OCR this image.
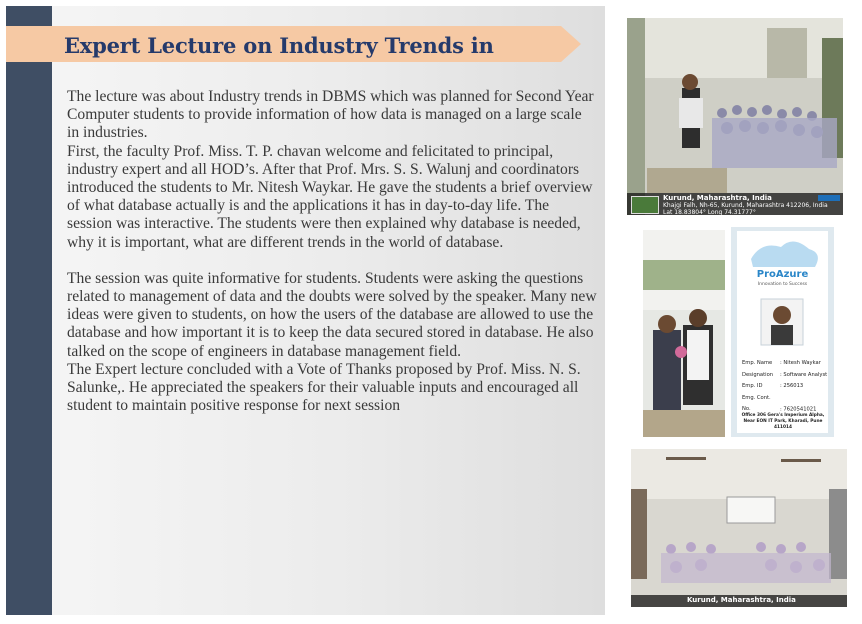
Expert Lecture on Industry Trends in

The lecture was about Industry trends in DBMS which was planned for Second Year Computer students to provide information of how data is managed on a large scale in industries.

First, the faculty Prof. Miss. T. P. chavan welcome and felicitated to principal, industry expert and all HOD’s. After that Prof. Mrs. S. S. Walunj and coordinators introduced the students to Mr. Nitesh Waykar. He gave the students a brief overview of what database actually is and the applications it has in day-to-day life. The session was interactive. The students were then explained why database is needed, why it is important, what are different trends in the world of database.

The session was quite informative for students. Students were asking the questions related to management of data and the doubts were solved by the speaker. Many new ideas were given to students, on how the users of the database are allowed to use the database and how important it is to keep the data secured stored in database. He also talked on the scope of engineers in database management field.

The Expert lecture concluded with a Vote of Thanks proposed by Prof. Miss. N. S. Salunke,. He appreciated the speakers for their valuable inputs and encouraged all student to maintain positive response for next session

Kurund, Maharashtra, India
Khajgi Falh, Nh-65, Kurund, Maharashtra 412206, India
Lat 18.83804° Long 74.31777°
28/04/2023 11:07 AM GMT +05:30
ProAzure
Innovation to Success
Emp. Name : Nitesh Waykar
Designation : Software Analyst
Emp. ID	: 256013
Emg. Cont. No.	: 7620541021
Office 306 Gera's Imperium Alpha, Near EON IT Park, Kharadi, Pune 411014
Kurund, Maharashtra, India
